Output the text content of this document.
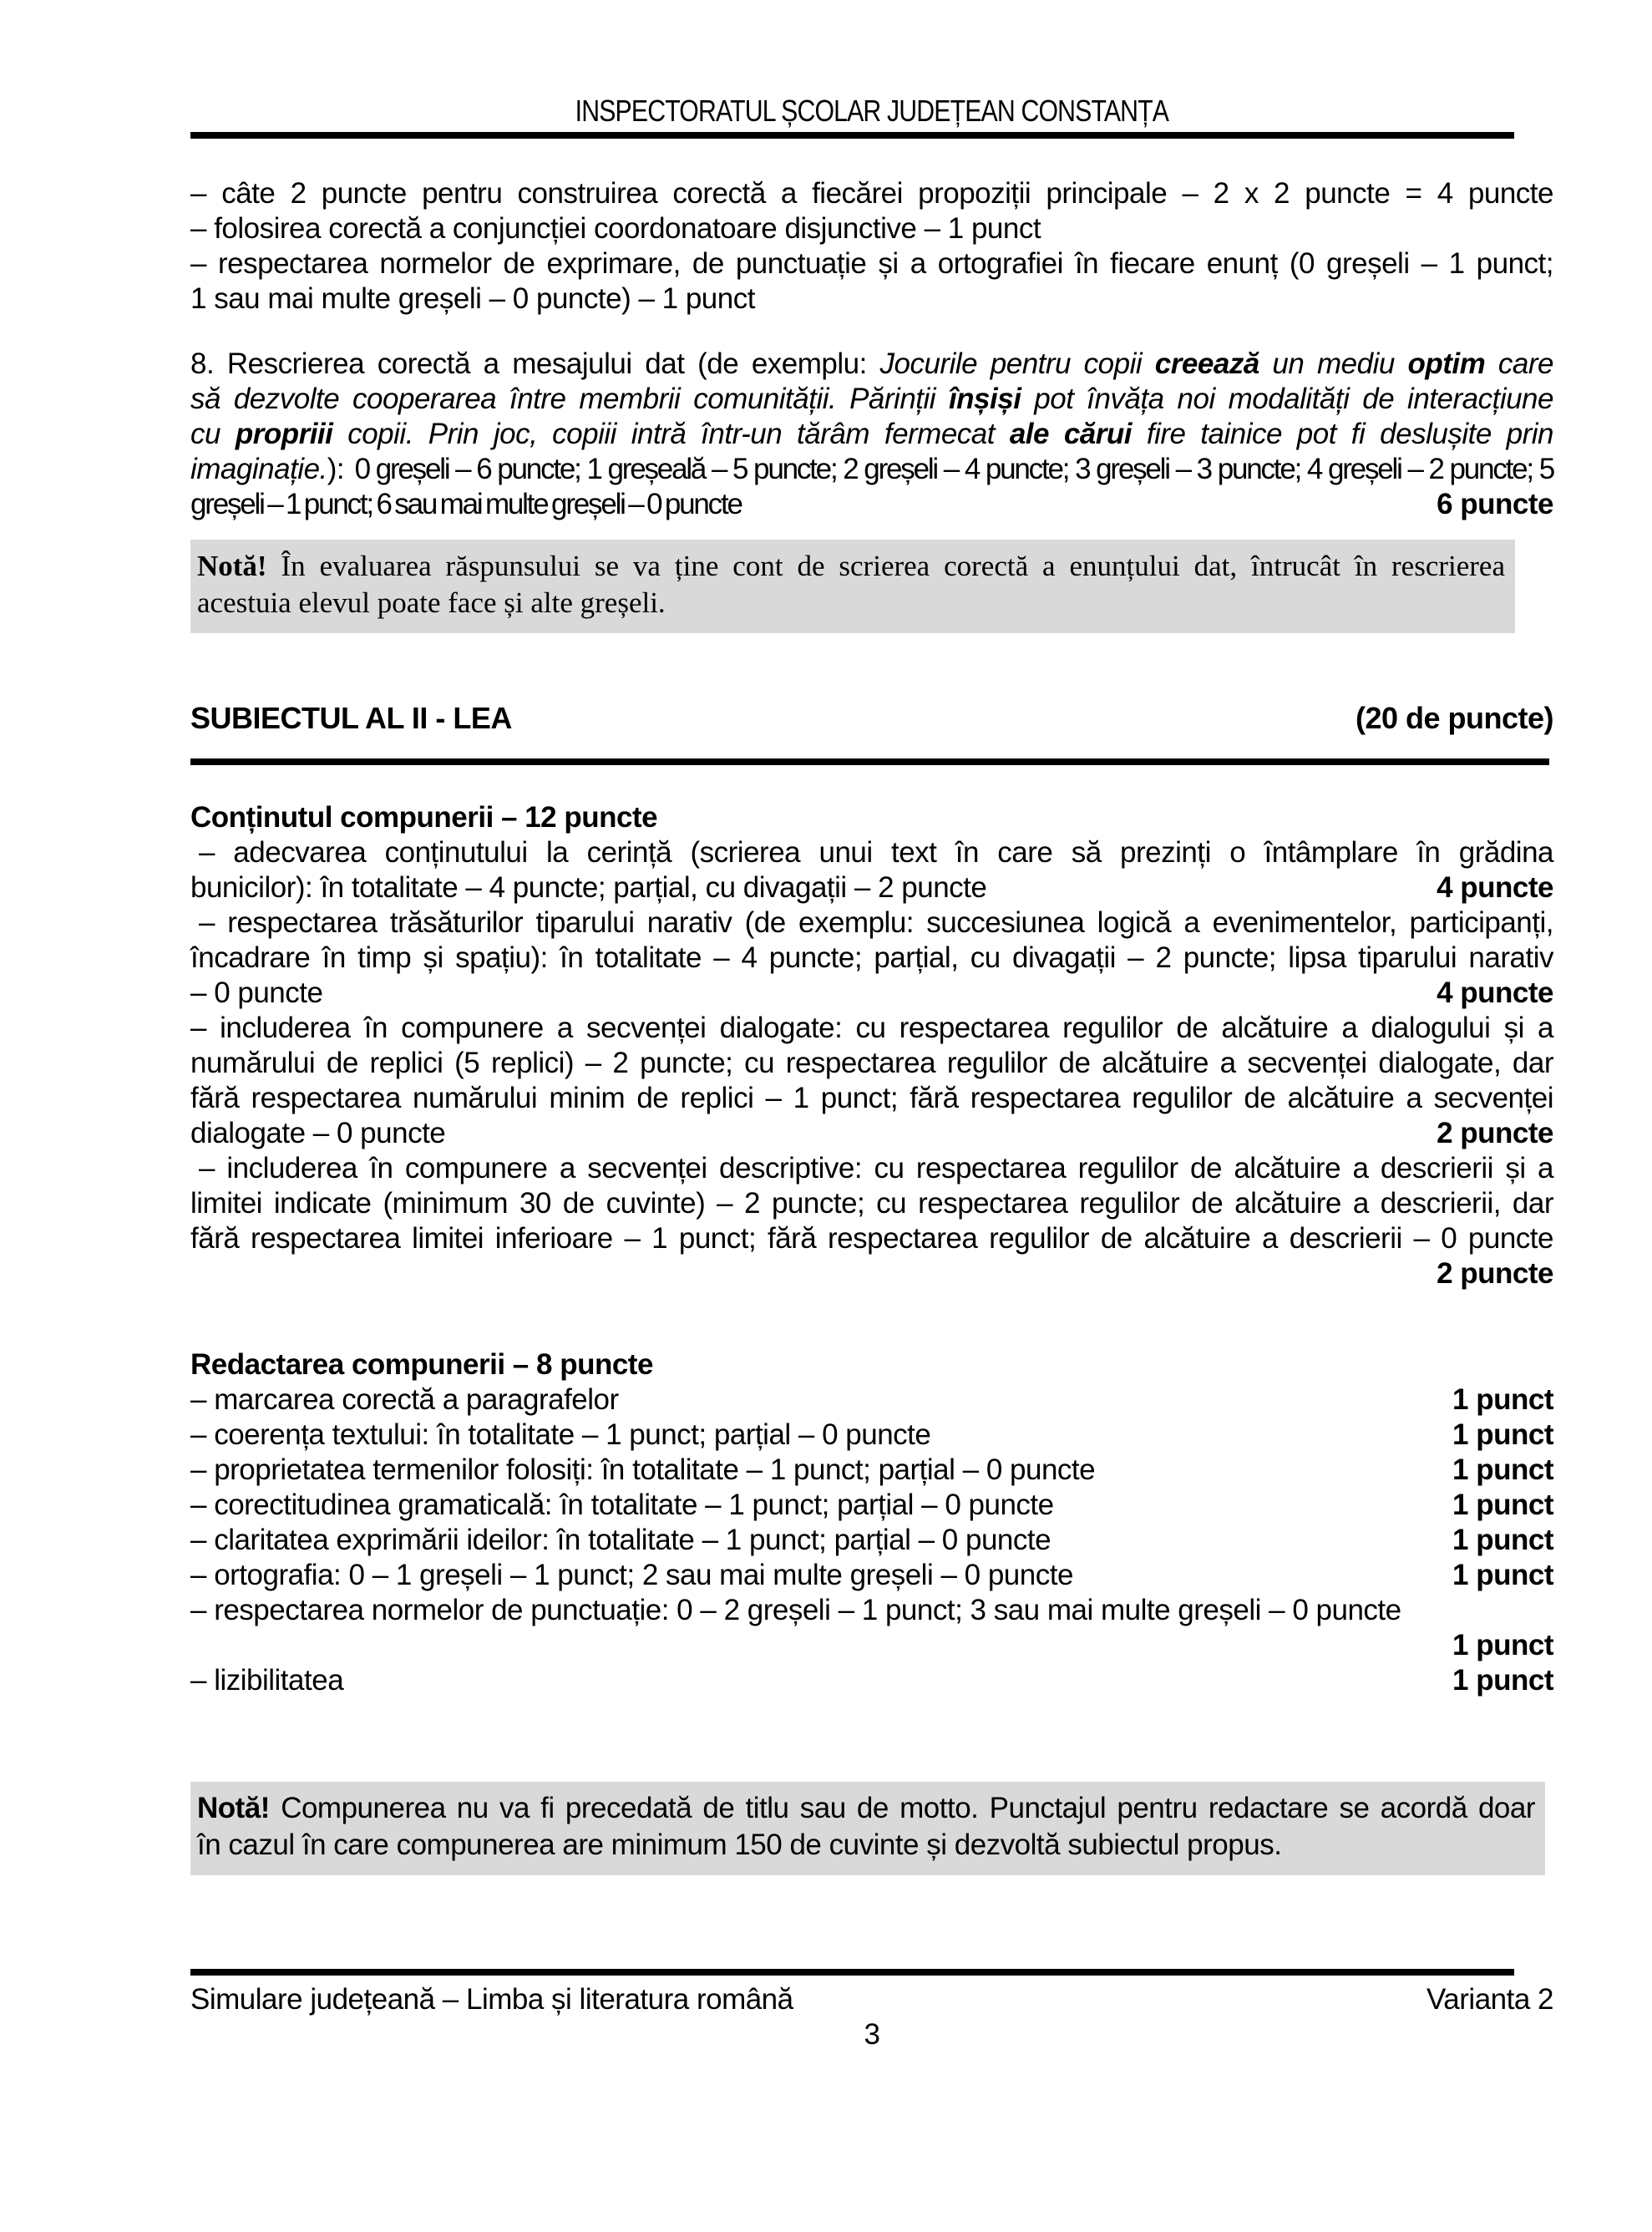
INSPECTORATUL ȘCOLAR JUDEȚEAN CONSTANȚA
– câte 2 puncte pentru construirea corectă a fiecărei propoziții principale – 2 x 2 puncte = 4 puncte
– folosirea corectă a conjuncției coordonatoare disjunctive – 1 punct
– respectarea normelor de exprimare, de punctuație și a ortografiei în fiecare enunț (0 greșeli – 1 punct;
1 sau mai multe greșeli – 0 puncte) – 1 punct
8. Rescrierea corectă a mesajului dat (de exemplu: Jocurile pentru copii creează un mediu optim care
să dezvolte cooperarea între membrii comunității. Părinții înșiși pot învăța noi modalități de interacțiune
cu propriii copii. Prin joc, copiii intră într-un tărâm fermecat ale cărui fire tainice pot fi deslușite prin
imaginație.): 0 greșeli – 6 puncte; 1 greșeală – 5 puncte; 2 greșeli – 4 puncte; 3 greșeli – 3 puncte; 4 greșeli – 2 puncte; 5
greșeli – 1 punct; 6 sau mai multe greșeli – 0 puncte	6 puncte
Notă! În evaluarea răspunsului se va ține cont de scrierea corectă a enunțului dat, întrucât în rescrierea
acestuia elevul poate face și alte greșeli.
SUBIECTUL AL II - LEA	(20 de puncte)
Conținutul compunerii – 12 puncte
– adecvarea conținutului la cerință (scrierea unui text în care să prezinți o întâmplare în grădina
bunicilor): în totalitate – 4 puncte; parțial, cu divagații – 2 puncte	4 puncte
– respectarea trăsăturilor tiparului narativ (de exemplu: succesiunea logică a evenimentelor, participanți,
încadrare în timp și spațiu): în totalitate – 4 puncte; parțial, cu divagații – 2 puncte; lipsa tiparului narativ
– 0 puncte	4 puncte
– includerea în compunere a secvenței dialogate: cu respectarea regulilor de alcătuire a dialogului și a
numărului de replici (5 replici) – 2 puncte; cu respectarea regulilor de alcătuire a secvenței dialogate, dar
fără respectarea numărului minim de replici – 1 punct; fără respectarea regulilor de alcătuire a secvenței
dialogate – 0 puncte	2 puncte
– includerea în compunere a secvenței descriptive: cu respectarea regulilor de alcătuire a descrierii și a
limitei indicate (minimum 30 de cuvinte) – 2 puncte; cu respectarea regulilor de alcătuire a descrierii, dar
fără respectarea limitei inferioare – 1 punct; fără respectarea regulilor de alcătuire a descrierii – 0 puncte
2 puncte
Redactarea compunerii – 8 puncte
– marcarea corectă a paragrafelor	1 punct
– coerența textului: în totalitate – 1 punct; parțial – 0 puncte	1 punct
– proprietatea termenilor folosiți: în totalitate – 1 punct; parțial – 0 puncte	1 punct
– corectitudinea gramaticală: în totalitate – 1 punct; parțial – 0 puncte	1 punct
– claritatea exprimării ideilor: în totalitate – 1 punct; parțial – 0 puncte	1 punct
– ortografia: 0 – 1 greșeli – 1 punct; 2 sau mai multe greșeli – 0 puncte	1 punct
– respectarea normelor de punctuație: 0 – 2 greșeli – 1 punct; 3 sau mai multe greșeli – 0 puncte
1 punct
– lizibilitatea	1 punct
Notă! Compunerea nu va fi precedată de titlu sau de motto. Punctajul pentru redactare se acordă doar
în cazul în care compunerea are minimum 150 de cuvinte și dezvoltă subiectul propus.
Simulare județeană – Limba și literatura română	Varianta 2
3
